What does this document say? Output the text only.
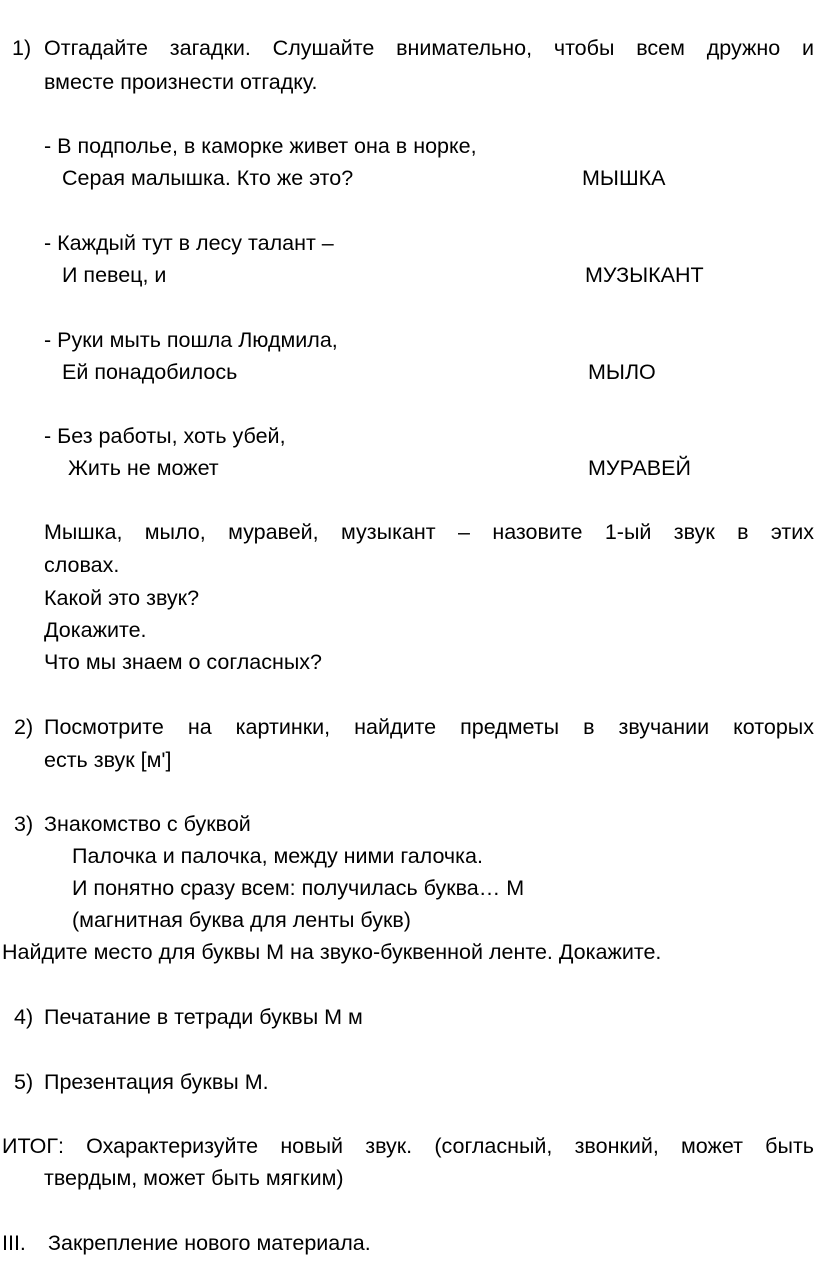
1) Отгадайте загадки. Слушайте внимательно, чтобы всем дружно и
вместе произнести отгадку.
- В подполье, в каморке живет она в норке,
Серая малышка. Кто же это?	МЫШКА
- Каждый тут в лесу талант –
И певец, и	МУЗЫКАНТ
- Руки мыть пошла Людмила,
Ей понадобилось	МЫЛО
- Без работы, хоть убей,
Жить не может	МУРАВЕЙ
Мышка, мыло, муравей, музыкант – назовите 1-ый звук в этих
словах.
Какой это звук?
Докажите.
Что мы знаем о согласных?
2) Посмотрите на картинки, найдите предметы в звучании которых
есть звук [м']
3) Знакомство с буквой
Палочка и палочка, между ними галочка.
И понятно сразу всем: получилась буква… М
(магнитная буква для ленты букв)
Найдите место для буквы М на звуко-буквенной ленте. Докажите.
4) Печатание в тетради буквы М м
5) Презентация буквы М.
ИТОГ: Охарактеризуйте новый звук. (согласный, звонкий, может быть
твердым, может быть мягким)
III. Закрепление нового материала.
